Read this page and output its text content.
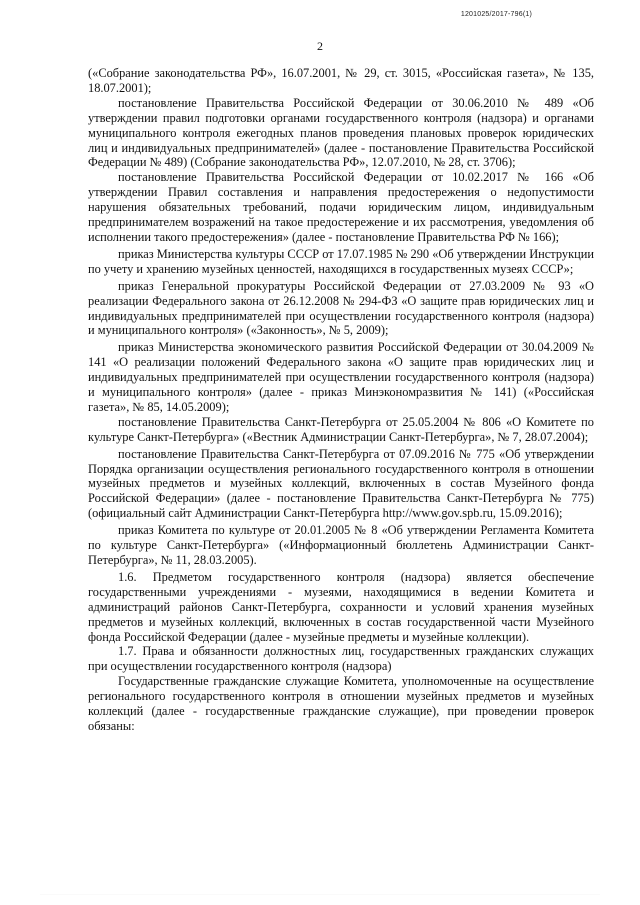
1201025/2017-796(1)
2

(«Собрание законодательства РФ», 16.07.2001, № 29, ст. 3015, «Российская газета», № 135, 18.07.2001);

постановление Правительства Российской Федерации от 30.06.2010 № 489 «Об утверждении правил подготовки органами государственного контроля (надзора) и органами муниципального контроля ежегодных планов проведения плановых проверок юридических лиц и индивидуальных предпринимателей» (далее - постановление Правительства Российской Федерации № 489) (Собрание законодательства РФ», 12.07.2010, № 28, ст. 3706);

постановление Правительства Российской Федерации от 10.02.2017 № 166 «Об утверждении Правил составления и направления предостережения о недопустимости нарушения обязательных требований, подачи юридическим лицом, индивидуальным предпринимателем возражений на такое предостережение и их рассмотрения, уведомления об исполнении такого предостережения» (далее - постановление Правительства РФ № 166);

приказ Министерства культуры СССР от 17.07.1985 № 290 «Об утверждении Инструкции по учету и хранению музейных ценностей, находящихся в государственных музеях СССР»;

приказ Генеральной прокуратуры Российской Федерации от 27.03.2009 № 93 «О реализации Федерального закона от 26.12.2008 № 294-ФЗ «О защите прав юридических лиц и индивидуальных предпринимателей при осуществлении государственного контроля (надзора) и муниципального контроля» («Законность», № 5, 2009);

приказ Министерства экономического развития Российской Федерации от 30.04.2009 № 141 «О реализации положений Федерального закона «О защите прав юридических лиц и индивидуальных предпринимателей при осуществлении государственного контроля (надзора) и муниципального контроля» (далее - приказ Минэкономразвития № 141) («Российская газета», № 85, 14.05.2009);

постановление Правительства Санкт-Петербурга от 25.05.2004 № 806 «О Комитете по культуре Санкт-Петербурга» («Вестник Администрации Санкт-Петербурга», № 7, 28.07.2004);

постановление Правительства Санкт-Петербурга от 07.09.2016 № 775 «Об утверждении Порядка организации осуществления регионального государственного контроля в отношении музейных предметов и музейных коллекций, включенных в состав Музейного фонда Российской Федерации» (далее - постановление Правительства Санкт-Петербурга № 775) (официальный сайт Администрации Санкт-Петербурга http://www.gov.spb.ru, 15.09.2016);

приказ Комитета по культуре от 20.01.2005 № 8 «Об утверждении Регламента Комитета по культуре Санкт-Петербурга» («Информационный бюллетень Администрации Санкт-Петербурга», № 11, 28.03.2005).

1.6. Предметом государственного контроля (надзора) является обеспечение государственными учреждениями - музеями, находящимися в ведении Комитета и администраций районов Санкт-Петербурга, сохранности и условий хранения музейных предметов и музейных коллекций, включенных в состав государственной части Музейного фонда Российской Федерации (далее - музейные предметы и музейные коллекции).

1.7. Права и обязанности должностных лиц, государственных гражданских служащих при осуществлении государственного контроля (надзора)

Государственные гражданские служащие Комитета, уполномоченные на осуществление регионального государственного контроля в отношении музейных предметов и музейных коллекций (далее - государственные гражданские служащие), при проведении проверок обязаны:
